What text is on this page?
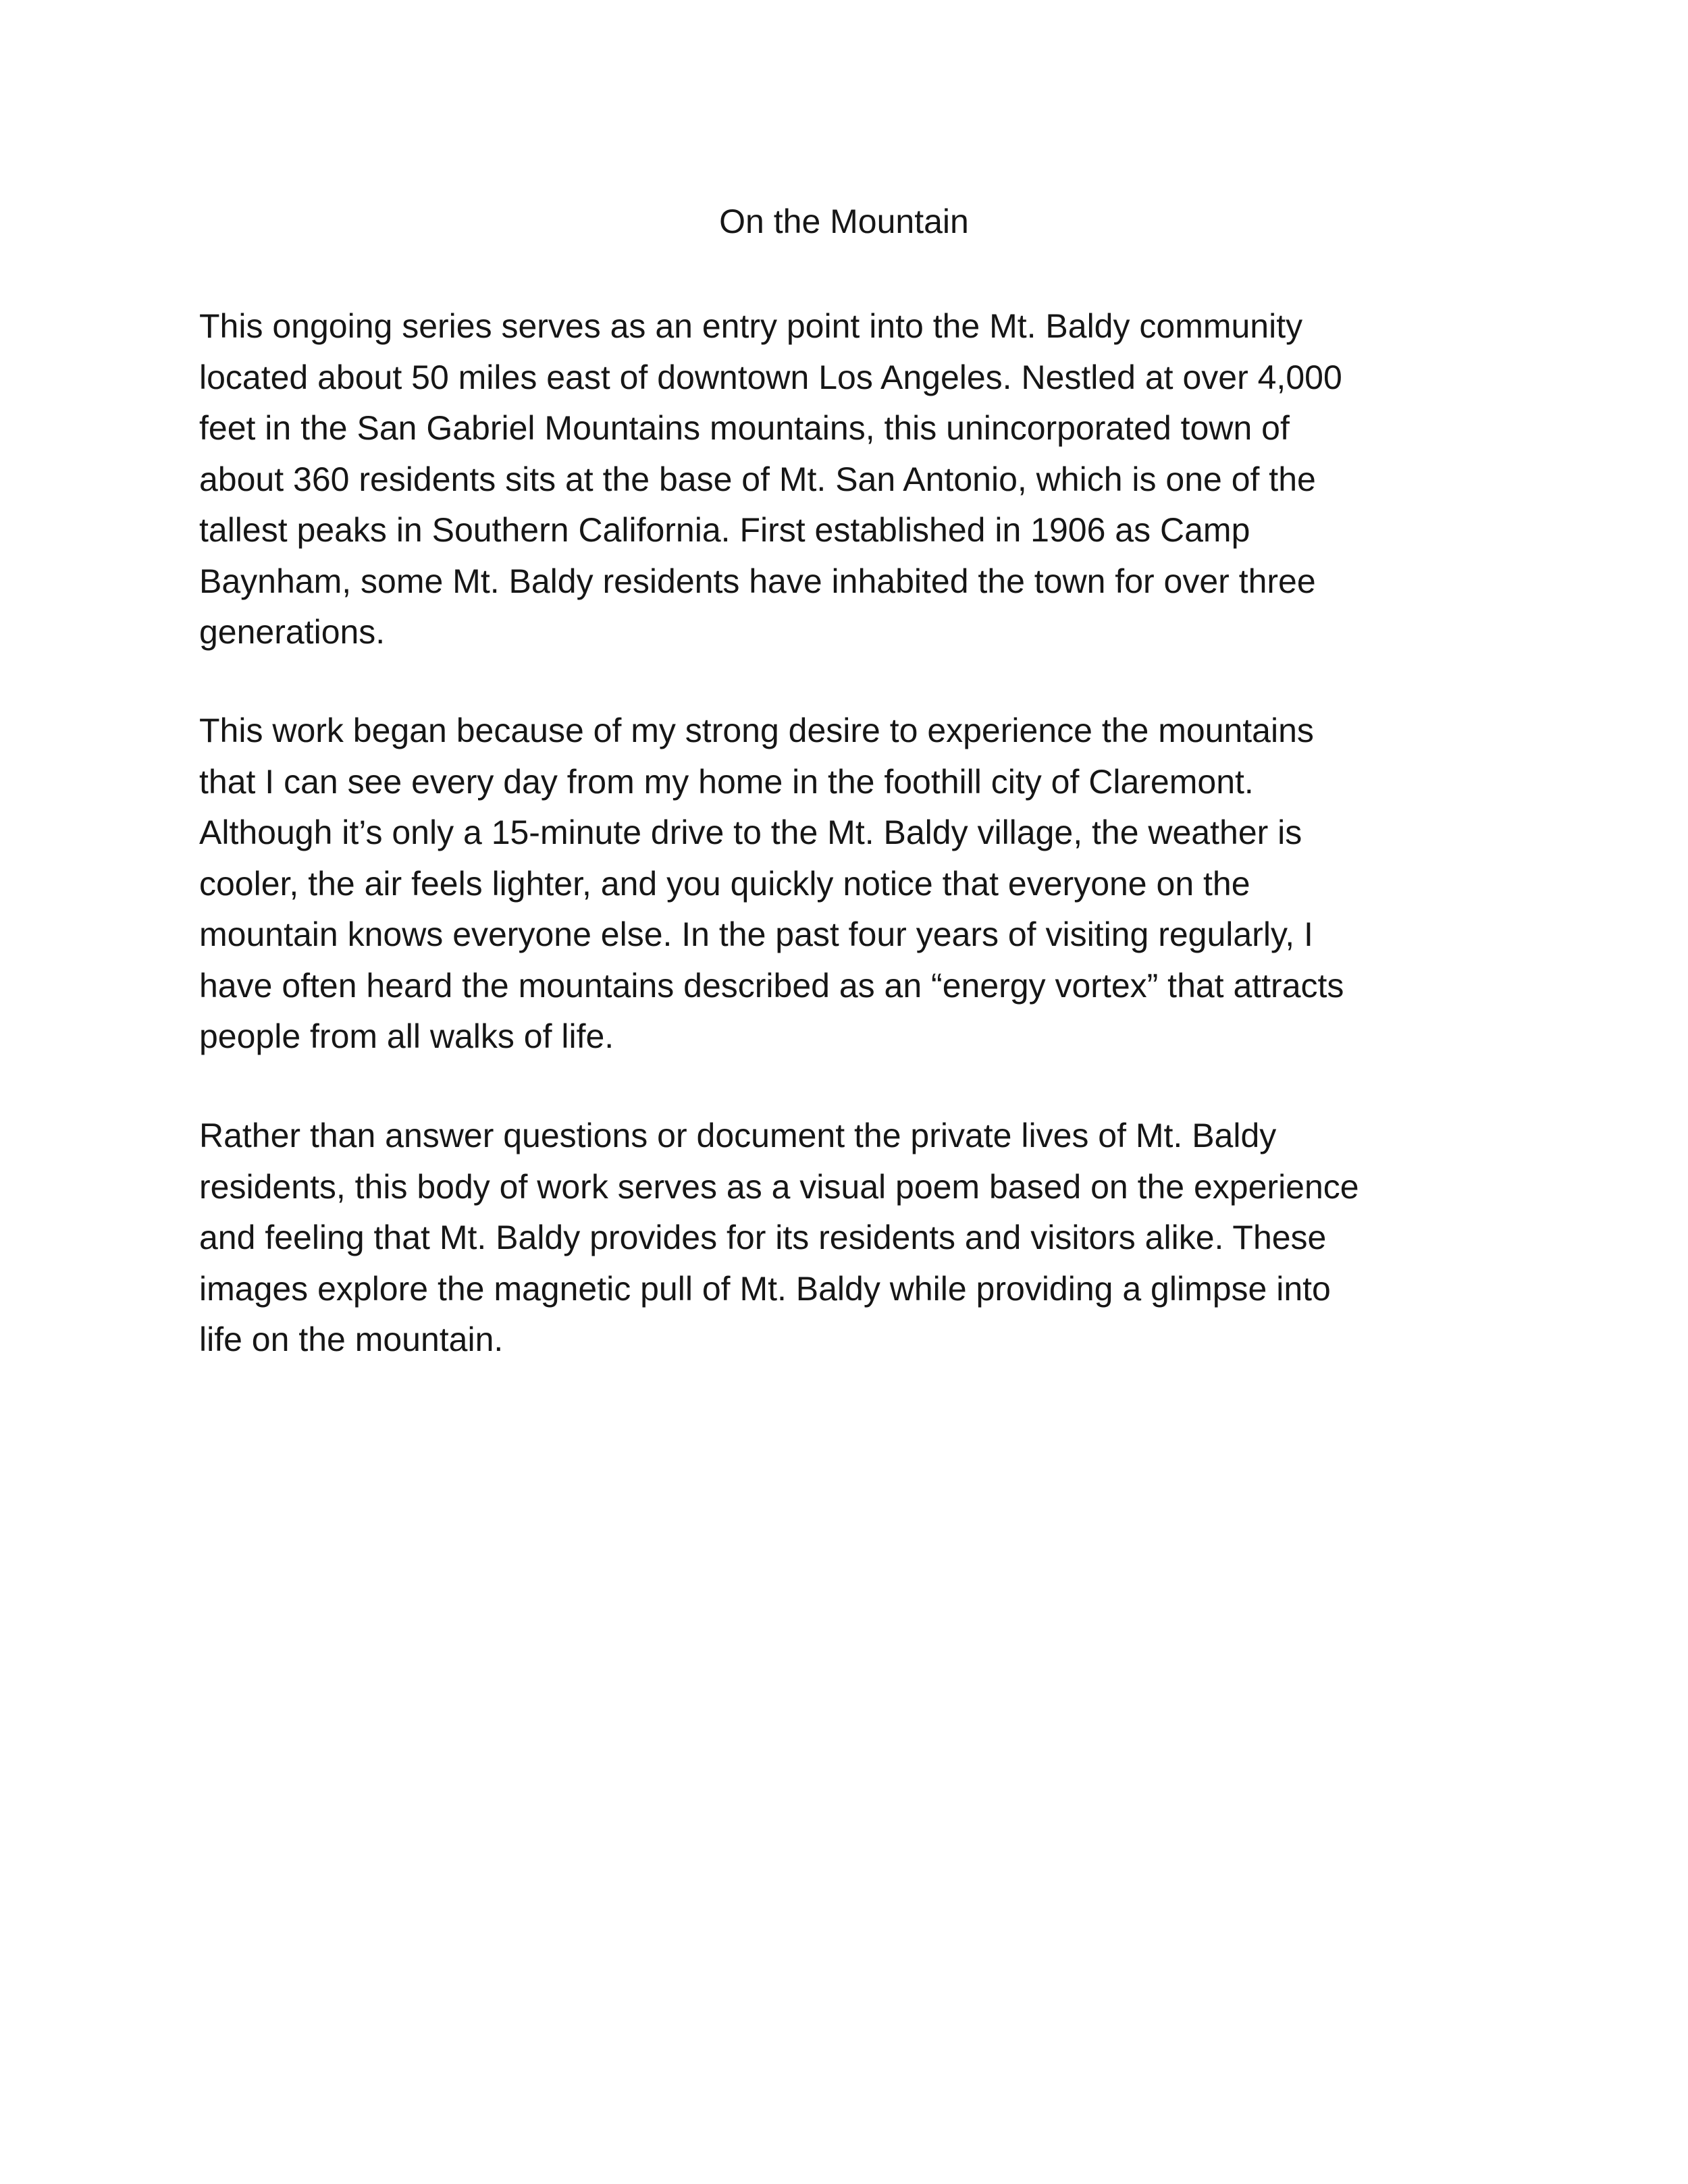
On the Mountain
This ongoing series serves as an entry point into the Mt. Baldy community
located about 50 miles east of downtown Los Angeles. Nestled at over 4,000
feet in the San Gabriel Mountains mountains, this unincorporated town of
about 360 residents sits at the base of Mt. San Antonio, which is one of the
tallest peaks in Southern California. First established in 1906 as Camp
Baynham, some Mt. Baldy residents have inhabited the town for over three
generations.
This work began because of my strong desire to experience the mountains
that I can see every day from my home in the foothill city of Claremont.
Although it’s only a 15-minute drive to the Mt. Baldy village, the weather is
cooler, the air feels lighter, and you quickly notice that everyone on the
mountain knows everyone else. In the past four years of visiting regularly, I
have often heard the mountains described as an “energy vortex” that attracts
people from all walks of life.
Rather than answer questions or document the private lives of Mt. Baldy
residents, this body of work serves as a visual poem based on the experience
and feeling that Mt. Baldy provides for its residents and visitors alike. These
images explore the magnetic pull of Mt. Baldy while providing a glimpse into
life on the mountain.
